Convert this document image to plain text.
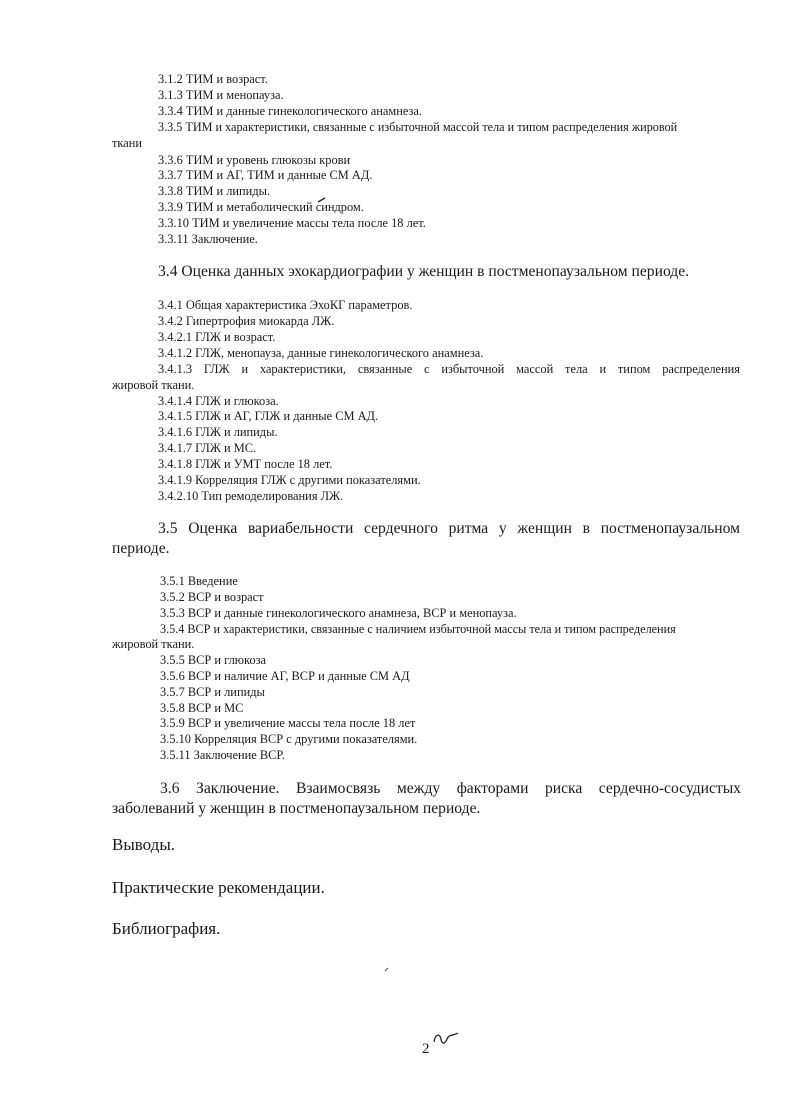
3.1.2 ТИМ и возраст.
3.1.3 ТИМ и менопауза.
3.3.4 ТИМ и данные гинекологического анамнеза.
3.3.5 ТИМ и характеристики, связанные с избыточной массой тела и типом распределения жировой
ткани
3.3.6 ТИМ и уровень глюкозы крови
3.3.7 ТИМ и АГ, ТИМ и данные СМ АД.
3.3.8 ТИМ и липиды.
3.3.9 ТИМ и метаболический синдром.
3.3.10 ТИМ и увеличение массы тела после 18 лет.
3.3.11 Заключение.
3.4 Оценка данных эхокардиографии у женщин в постменопаузальном периоде.
3.4.1 Общая характеристика ЭхоКГ параметров.
3.4.2 Гипертрофия миокарда ЛЖ.
3.4.2.1 ГЛЖ и возраст.
3.4.1.2 ГЛЖ, менопауза, данные гинекологического анамнеза.
3.4.1.3 ГЛЖ и характеристики, связанные с избыточной массой тела и типом распределения
жировой ткани.
3.4.1.4 ГЛЖ и глюкоза.
3.4.1.5 ГЛЖ и АГ, ГЛЖ и данные СМ АД.
3.4.1.6 ГЛЖ и липиды.
3.4.1.7 ГЛЖ и МС.
3.4.1.8 ГЛЖ и УМТ после 18 лет.
3.4.1.9 Корреляция ГЛЖ с другими показателями.
3.4.2.10 Тип ремоделирования ЛЖ.
3.5 Оценка вариабельности сердечного ритма у женщин в постменопаузальном
периоде.
3.5.1 Введение
3.5.2 ВСР и возраст
3.5.3 ВСР и данные гинекологического анамнеза, ВСР и менопауза.
3.5.4 ВСР и характеристики, связанные с наличием избыточной массы тела и типом распределения
жировой ткани.
3.5.5 ВСР и глюкоза
3.5.6 ВСР и наличие АГ, ВСР и данные СМ АД
3.5.7 ВСР и липиды
3.5.8 ВСР и МС
3.5.9 ВСР и увеличение массы тела после 18 лет
3.5.10 Корреляция ВСР с другими показателями.
3.5.11 Заключение ВСР.
3.6 Заключение. Взаимосвязь между факторами риска сердечно-сосудистых
заболеваний у женщин в постменопаузальном периоде.
Выводы.
Практические рекомендации.
Библиография.
2
